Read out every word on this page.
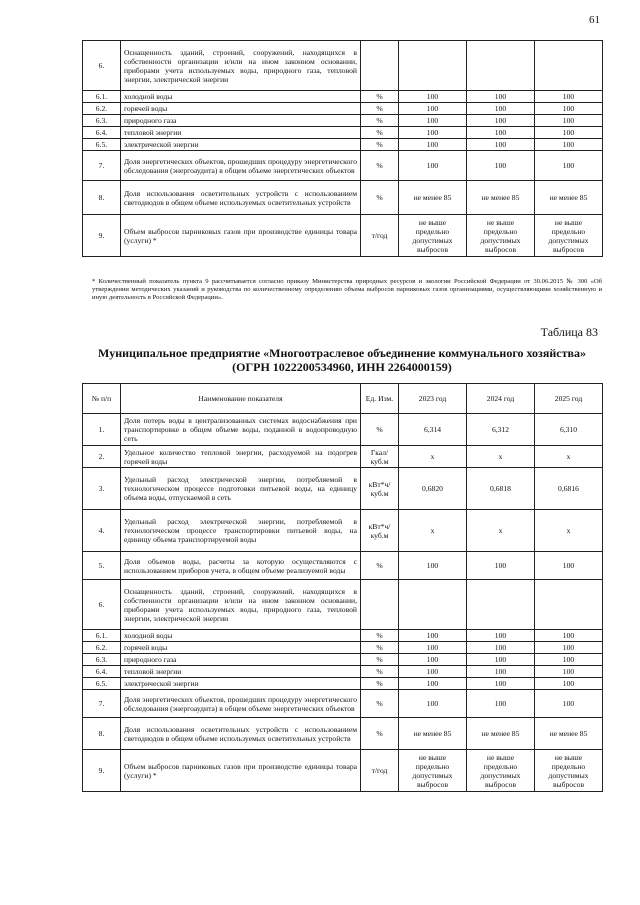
61
6.	Оснащенность зданий, строений, сооружений, находящихся в собственности организации и/или на ином законном основании, приборами учета используемых воды, природного газа, тепловой энергии, электрической энергии				
6.1.	холодной воды	%	100	100	100
6.2.	горячей воды	%	100	100	100
6.3.	природного газа	%	100	100	100
6.4.	тепловой энергии	%	100	100	100
6.5.	электрической энергии	%	100	100	100
7.	Доля энергетических объектов, прошедших процедуру энергетического обследования (энергоаудита) в общем объеме энергетических объектов	%	100	100	100
8.	Доля использования осветительных устройств с использованием светодиодов в общем объеме используемых осветительных устройств	%	не менее 85	не менее 85	не менее 85
9.	Объем выбросов парниковых газов при производстве единицы товара (услуги) *	т/год	не выше предельно допустимых выбросов	не выше предельно допустимых выбросов	не выше предельно допустимых выбросов
* Количественный показатель пункта 9 рассчитывается согласно приказу Министерства природных ресурсов и экологии Российской Федерации от 30.06.2015 № 300 «Об утверждении методических указаний и руководства по количественному определению объема выбросов парниковых газов организациями, осуществляющими хозяйственную и иную деятельность в Российской Федерации».
Таблица 83
Муниципальное предприятие «Многоотраслевое объединение коммунального хозяйства» (ОГРН 1022200534960, ИНН 2264000159)
№ п/п	Наименование показателя	Ед. Изм.	2023 год	2024 год	2025 год
1.	Доля потерь воды в централизованных системах водоснабжения при транспортировке в общем объеме воды, поданной в водопроводную сеть	%	6,314	6,312	6,310
2.	Удельное количество тепловой энергии, расходуемой на подогрев горячей воды	Гкал/ куб.м	x	x	x
3.	Удельный расход электрической энергии, потребляемой в технологическом процессе подготовки питьевой воды, на единицу объема воды, отпускаемой в сеть	кВт*ч/ куб.м	0,6820	0,6818	0,6816
4.	Удельный расход электрической энергии, потребляемой в технологическом процессе транспортировки питьевой воды, на единицу объема транспортируемой воды	кВт*ч/ куб.м	x	x	x
5.	Доля объемов воды, расчеты за которую осуществляются с использованием приборов учета, в общем объеме реализуемой воды	%	100	100	100
6.	Оснащенность зданий, строений, сооружений, находящихся в собственности организации и/или на ином законном основании, приборами учета используемых воды, природного газа, тепловой энергии, электрической энергии				
6.1.	холодной воды	%	100	100	100
6.2.	горячей воды	%	100	100	100
6.3.	природного газа	%	100	100	100
6.4.	тепловой энергии	%	100	100	100
6.5.	электрической энергии	%	100	100	100
7.	Доля энергетических объектов, прошедших процедуру энергетического обследования (энергоаудита) в общем объеме энергетических объектов	%	100	100	100
8.	Доля использования осветительных устройств с использованием светодиодов в общем объеме используемых осветительных устройств	%	не менее 85	не менее 85	не менее 85
9.	Объем выбросов парниковых газов при производстве единицы товара (услуги) *	т/год	не выше предельно допустимых выбросов	не выше предельно допустимых выбросов	не выше предельно допустимых выбросов
